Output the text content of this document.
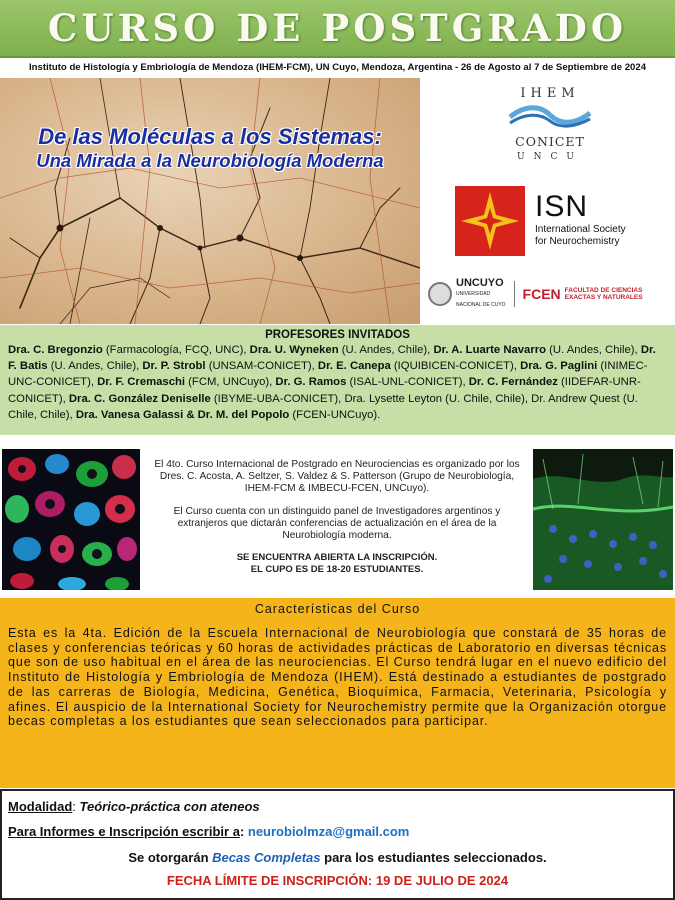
CURSO DE POSTGRADO
Instituto de Histología y Embriología de Mendoza (IHEM-FCM), UN Cuyo, Mendoza, Argentina - 26 de Agosto al 7 de Septiembre de 2024
De las Moléculas a los Sistemas:
Una Mirada a la Neurobiología Moderna
IHEM
CONICET
UNCU
ISN
International Society
for Neurochemistry
UNCUYO
UNIVERSIDAD
NACIONAL DE CUYO
FCEN FACULTAD DE CIENCIAS
EXACTAS Y NATURALES
PROFESORES INVITADOS

Dra. C. Bregonzio (Farmacología, FCQ, UNC), Dra. U. Wyneken (U. Andes, Chile), Dr. A. Luarte Navarro (U. Andes, Chile), Dr. F. Batis (U. Andes, Chile), Dr. P. Strobl (UNSAM-CONICET), Dr. E. Canepa (IQUIBICEN-CONICET), Dra. G. Paglini (INIMEC-UNC-CONICET), Dr. F. Cremaschi (FCM, UNCuyo), Dr. G. Ramos (ISAL-UNL-CONICET), Dr. C. Fernández (IIDEFAR-UNR-CONICET), Dra. C. González Deniselle (IBYME-UBA-CONICET), Dra. Lysette Leyton (U. Chile, Chile), Dr. Andrew Quest (U. Chile, Chile), Dra. Vanesa Galassi & Dr. M. del Popolo (FCEN-UNCuyo).

El 4to. Curso Internacional de Postgrado en Neurociencias es organizado por los Dres. C. Acosta, A. Seltzer, S. Valdez & S. Patterson (Grupo de Neurobiología, IHEM-FCM & IMBECU-FCEN, UNCuyo).

El Curso cuenta con un distinguido panel de Investigadores argentinos y extranjeros que dictarán conferencias de actualización en el área de la Neurobiología moderna.

SE ENCUENTRA ABIERTA LA INSCRIPCIÓN.

EL CUPO ES DE 18-20 ESTUDIANTES.

Características del Curso

Esta es la 4ta. Edición de la Escuela Internacional de Neurobiología que constará de 35 horas de clases y conferencias teóricas y 60 horas de actividades prácticas de Laboratorio en diversas técnicas que son de uso habitual en el área de las neurociencias. El Curso tendrá lugar en el nuevo edificio del Instituto de Histología y Embriología de Mendoza (IHEM). Está destinado a estudiantes de postgrado de las carreras de Biología, Medicina, Genética, Bioquímica, Farmacia, Veterinaria, Psicología y afines. El auspicio de la International Society for Neurochemistry permite que la Organización otorgue becas completas a los estudiantes que sean seleccionados para participar.

Modalidad: Teórico-práctica con ateneos
Para Informes e Inscripción escribir a: neurobiolmza@gmail.com
Se otorgarán Becas Completas para los estudiantes seleccionados.
FECHA LÍMITE DE INSCRIPCIÓN: 19 DE JULIO DE 2024
